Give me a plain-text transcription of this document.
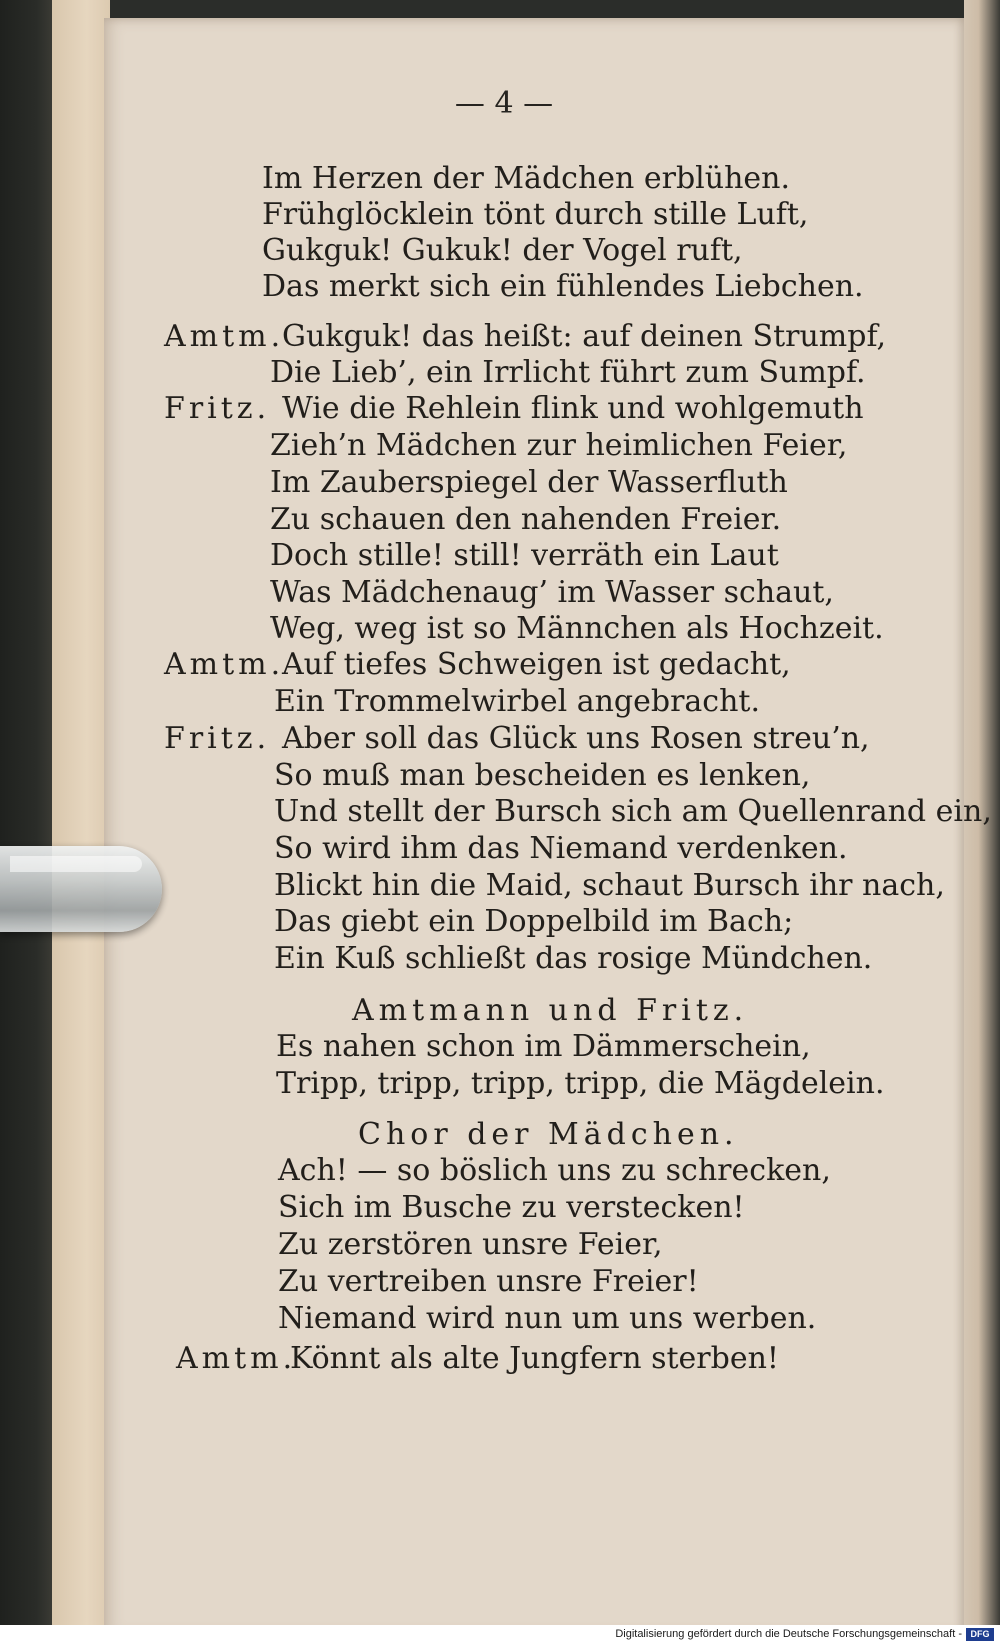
— 4 —
Im Herzen der Mädchen erblühen.
Frühglöcklein tönt durch stille Luft,
Gukguk! Gukuk! der Vogel ruft,
Das merkt sich ein fühlendes Liebchen.
Amtm.
Gukguk! das heißt: auf deinen Strumpf,
Die Lieb’, ein Irrlicht führt zum Sumpf.
Fritz. Wie die Rehlein flink und wohlgemuth
Zieh’n Mädchen zur heimlichen Feier,
Im Zauberspiegel der Wasserfluth
Zu schauen den nahenden Freier.
Doch stille! still! verräth ein Laut
Was Mädchenaug’ im Wasser schaut,
Weg, weg ist so Männchen als Hochzeit.
Amtm.
Auf tiefes Schweigen ist gedacht,
Ein Trommelwirbel angebracht.
Fritz. Aber soll das Glück uns Rosen streu’n,
So muß man bescheiden es lenken,
Und stellt der Bursch sich am Quellenrand ein,
So wird ihm das Niemand verdenken.
Blickt hin die Maid, schaut Bursch ihr nach,
Das giebt ein Doppelbild im Bach;
Ein Kuß schließt das rosige Mündchen.
Amtmann und Fritz.
Es nahen schon im Dämmerschein,
Tripp, tripp, tripp, tripp, die Mägdelein.
Chor der Mädchen.
Ach! — so böslich uns zu schrecken,
Sich im Busche zu verstecken!
Zu zerstören unsre Feier,
Zu vertreiben unsre Freier!
Niemand wird nun um uns werben.
Amtm.
Könnt als alte Jungfern sterben!
Digitalisierung gefördert durch die Deutsche Forschungsgemeinschaft - DFG
